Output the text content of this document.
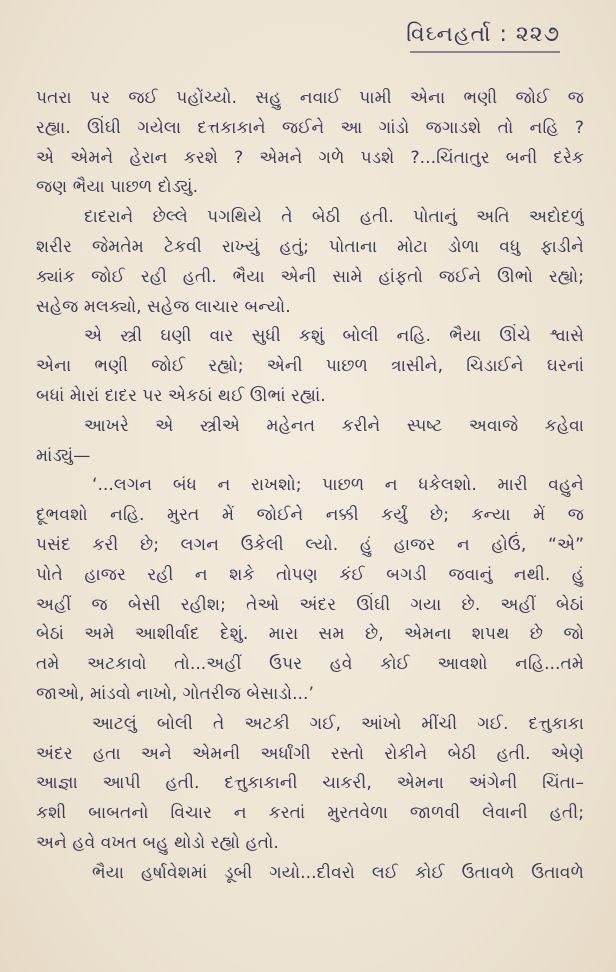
વિઘ્નહર્તા : ૨૨૭
પતરા પર જઈ પહોંચ્યો. સહુ નવાઈ પામી એના ભણી જોઈ જ
રહ્યા. ઊંઘી ગયેલા દત્તકાકાને જઈને આ ગાંડો જગાડશે તો નહિ ?
એ એમને હેરાન કરશે ? એમને ગળે પડશે ?...ચિંતાતુર બની દરેક
જણ ભૈયા પાછળ દોડ્યું.
દાદરાને છેલ્લે પગથિયે તે બેઠી હતી. પોતાનું અતિ અદોદળું
શરીર જેમતેમ ટેકવી રાખ્યું હતું; પોતાના મોટા ડોળા વધુ ફાડીને
ક્યાંક જોઈ રહી હતી. ભૈયા એની સામે હાંફતો જઈને ઊભો રહ્યો;
સહેજ મલક્યો, સહેજ લાચાર બન્યો.
એ સ્ત્રી ઘણી વાર સુધી કશું બોલી નહિ. ભૈયા ઊંચે શ્વાસે
એના ભણી જોઈ રહ્યો; એની પાછળ ત્રાસીને, ચિડાઈને ઘરનાં
બધાં માેરાં દાદર પર એકઠાં થઈ ઊભાં રહ્યાં.
આખરે એ સ્ત્રીએ મહેનત કરીને સ્પષ્ટ અવાજે કહેવા
માંડ્યું—
‘...લગન બંધ ન રાખશો; પાછળ ન ધકેલશો. મારી વહુને
દૂભવશો નહિ. મુરત મેં જોઈને નક્કી કર્યું છે; કન્યા મેં જ
પસંદ કરી છે; લગન ઉકેલી લ્યો. હું હાજર ન હોઉં, “એ”
પોતે હાજર રહી ન શકે તોપણ કંઈ બગડી જવાનું નથી. હું
અહીં જ બેસી રહીશ; તેઓ અંદર ઊંઘી ગયા છે. અહીં બેઠાં
બેઠાં અમે આશીર્વાદ દેશું. મારા સમ છે, એમના શપથ છે જો
તમે અટકાવો તો...અહીં ઉપર હવે કોઈ આવશો નહિ...તમે
જાઓ, માંડવો નાખો, ગોતરીજ બેસાડો...’
આટલું બોલી તે અટકી ગઈ, આંખો મીંચી ગઈ. દત્તુકાકા
અંદર હતા અને એમની અર્ધાંગી રસ્તો રોકીને બેઠી હતી. એણે
આજ્ઞા આપી હતી. દત્તુકાકાની ચાકરી, એમના અંગેની ચિંતા–
કશી બાબતનો વિચાર ન કરતાં મુરતવેળા જાળવી લેવાની હતી;
અને હવે વખત બહુ થોડો રહ્યો હતો.
ભૈયા હર્ષાવેશમાં ડૂબી ગયો...દીવરો લઈ કોઈ ઉતાવળે ઉતાવળે
